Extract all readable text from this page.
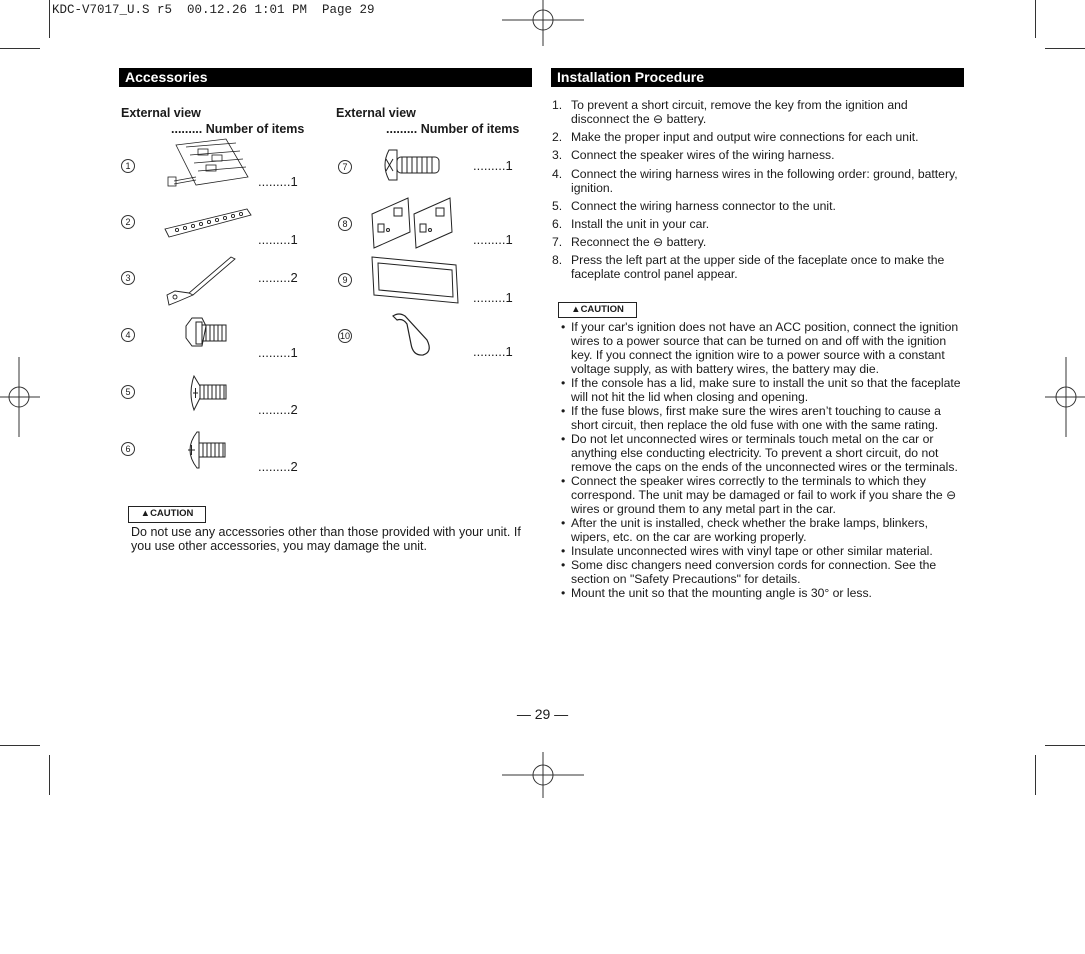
KDC-V7017_U.S r5  00.12.26 1:01 PM  Page 29
Accessories
External view
......... Number of items
External view
......... Number of items
1
.........1
2
.........1
3	.........2
4
.........1
5
.........2
6
.........2
7	.........1
8
.........1
9
.........1
10
.........1
▲CAUTION
Do not use any accessories other than those provided with your unit. If you use other accessories, you may damage the unit.
Installation Procedure
1. To prevent a short circuit, remove the key from the ignition and disconnect the ⊖ battery.
2. Make the proper input and output wire connections for each unit.
3. Connect the speaker wires of the wiring harness.
4. Connect the wiring harness wires in the following order: ground, battery, ignition.
5. Connect the wiring harness connector to the unit.
6. Install the unit in your car.
7. Reconnect the ⊖ battery.
8. Press the left part at the upper side of the faceplate once to make the faceplate control panel appear.
▲CAUTION
• If your car's ignition does not have an ACC position, connect the ignition wires to a power source that can be turned on and off with the ignition key. If you connect the ignition wire to a power source with a constant voltage supply, as with battery wires, the battery may die.
• If the console has a lid, make sure to install the unit so that the faceplate will not hit the lid when closing and opening.
• If the fuse blows, first make sure the wires aren’t touching to cause a short circuit, then replace the old fuse with one with the same rating.
• Do not let unconnected wires or terminals touch metal on the car or anything else conducting electricity. To prevent a short circuit, do not remove the caps on the ends of the unconnected wires or the terminals.
• Connect the speaker wires correctly to the terminals to which they correspond. The unit may be damaged or fail to work if you share the ⊖ wires or ground them to any metal part in the car.
• After the unit is installed, check whether the brake lamps, blinkers, wipers, etc. on the car are working properly.
• Insulate unconnected wires with vinyl tape or other similar material.
• Some disc changers need conversion cords for connection. See the section on "Safety Precautions" for details.
• Mount the unit so that the mounting angle is 30° or less.
— 29 —
